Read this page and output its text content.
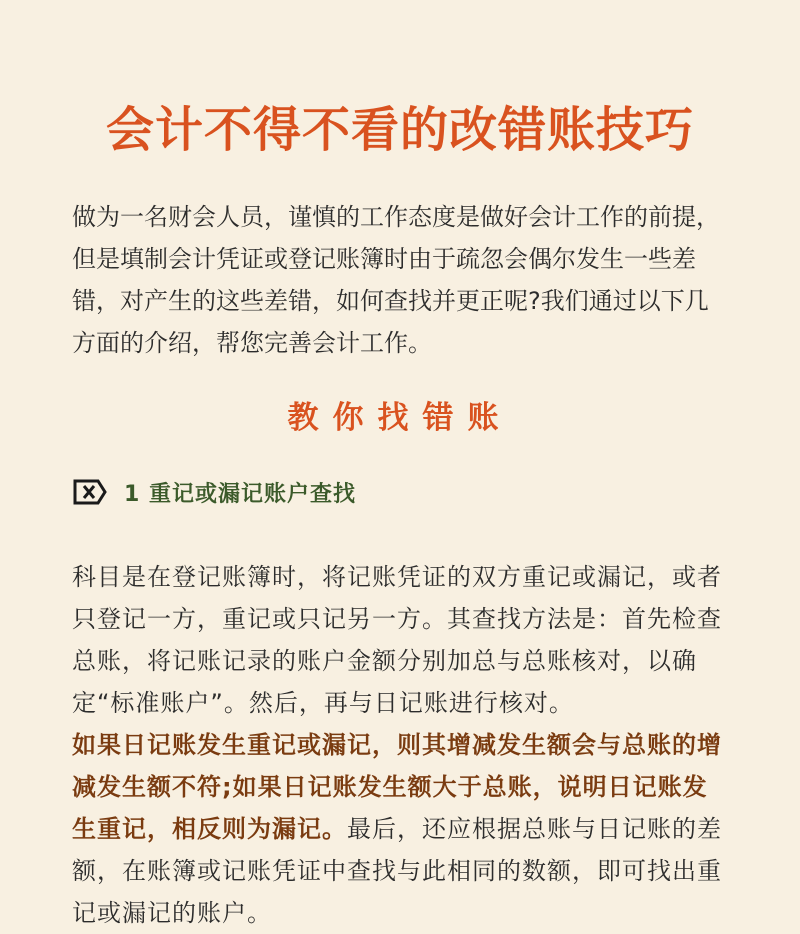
会计不得不看的改错账技巧

做为一名财会人员，谨慎的工作态度是做好会计工作的前提，但是填制会计凭证或登记账簿时由于疏忽会偶尔发生一些差错，对产生的这些差错，如何查找并更正呢?我们通过以下几方面的介绍，帮您完善会计工作。

教你找错账
1 重记或漏记账户查找

科目是在登记账簿时，将记账凭证的双方重记或漏记，或者只登记一方，重记或只记另一方。其查找方法是：首先检查总账，将记账记录的账户金额分别加总与总账核对，以确定“标准账户”。然后，再与日记账进行核对。
如果日记账发生重记或漏记，则其增减发生额会与总账的增减发生额不符;如果日记账发生额大于总账，说明日记账发生重记，相反则为漏记。最后，还应根据总账与日记账的差额，在账簿或记账凭证中查找与此相同的数额，即可找出重记或漏记的账户。
